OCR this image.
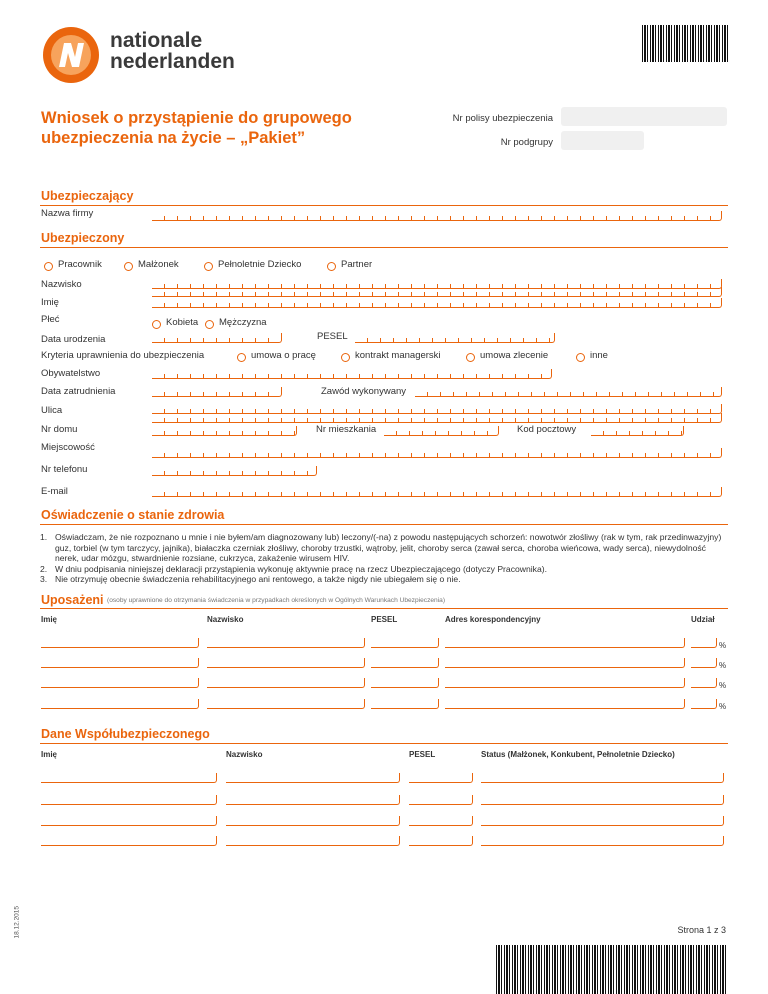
nationale
nederlanden
Wniosek o przystąpienie do grupowego
ubezpieczenia na życie – „Pakiet”
Nr polisy ubezpieczenia
Nr podgrupy
Ubezpieczający
Nazwa firmy
Ubezpieczony
Pracownik	Małżonek	Pełnoletnie Dziecko	Partner
Nazwisko
Imię
Płeć	Kobieta Mężczyzna
Data urodzenia	PESEL
Kryteria uprawnienia do ubezpieczenia	umowa o pracę	kontrakt managerski	umowa zlecenie	inne
Obywatelstwo
Data zatrudnienia	Zawód wykonywany
Ulica
Nr domu	Nr mieszkania	Kod pocztowy
Miejscowość
Nr telefonu
E-mail
Oświadczenie o stanie zdrowia
1. Oświadczam, że nie rozpoznano u mnie i nie byłem/am diagnozowany lub) leczony/(-na) z powodu następujących schorzeń: nowotwór złośliwy (rak w tym, rak przedinwazyjny) guz, torbiel (w tym tarczycy, jajnika), białaczka czerniak złośliwy, choroby trzustki, wątroby, jelit, choroby serca (zawał serca, choroba wieńcowa, wady serca), niewydolność nerek, udar mózgu, stwardnienie rozsiane, cukrzyca, zakażenie wirusem HIV.
2. W dniu podpisania niniejszej deklaracji przystąpienia wykonuję aktywnie pracę na rzecz Ubezpieczającego (dotyczy Pracownika).
3. Nie otrzymuję obecnie świadczenia rehabilitacyjnego ani rentowego, a także nigdy nie ubiegałem się o nie.
Uposażeni (osoby uprawnione do otrzymania świadczenia w przypadkach określonych w Ogólnych Warunkach Ubezpieczenia)
Imię	Nazwisko	PESEL	Adres korespondencyjny	Udział
%
%
%
%
Dane Współubezpieczonego
Imię	Nazwisko	PESEL	Status (Małżonek, Konkubent, Pełnoletnie Dziecko)
18.12.2015	Strona 1 z 3
